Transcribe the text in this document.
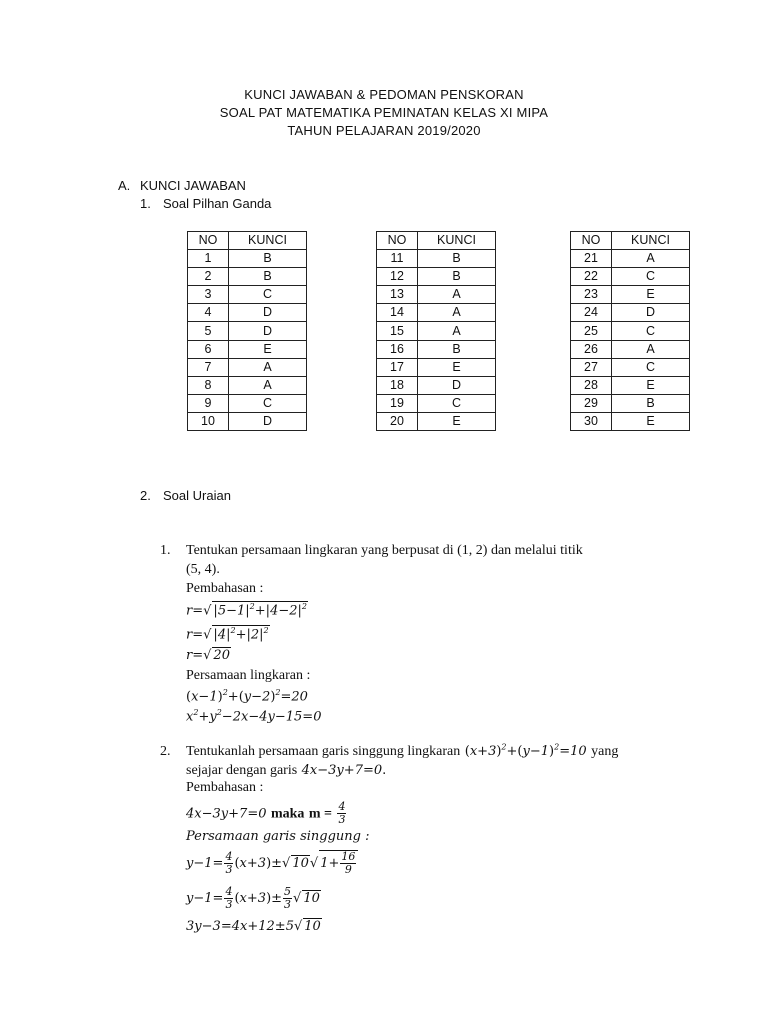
KUNCI JAWABAN & PEDOMAN PENSKORAN
SOAL PAT MATEMATIKA PEMINATAN KELAS XI MIPA
TAHUN PELAJARAN 2019/2020
A. KUNCI JAWABAN
1. Soal Pilhan Ganda
NO	KUNCI
1	B
2	B
3	C
4	D
5	D
6	E
7	A
8	A
9	C
10	D
NO	KUNCI
11	B
12	B
13	A
14	A
15	A
16	B
17	E
18	D
19	C
20	E
NO	KUNCI
21	A
22	C
23	E
24	D
25	C
26	A
27	C
28	E
29	B
30	E
2. Soal Uraian
1. Tentukan persamaan lingkaran yang berpusat di (1, 2) dan melalui titik
(5, 4).
Pembahasan :
r=√ $|5-1|^2+|4-2|^2$
r=√ $|4|^2+|2|^2$
r=√ 20
Persamaan lingkaran :
$(x-1)^2+(y-2)^2=20$
$x^2+y^2-2x-4y-15=0$
2. Tentukanlah persamaan garis singgung lingkaran $(x+3)^2+(y-1)^2=10$ yang
sejajar dengan garis 4x−3y+7=0.
Pembahasan :
4x−3y+7=0 maka $m = \frac{4}{3}$
Persamaan garis singgung :
$y-1= \frac{4}{3} (x+3)\pm√$ 10√ $1+ \frac{16}{9}$
$y-1= \frac{4}{3} (x+3)\pm \frac{5}{3}$ √ 10
3y−3=4x+12±5√ 10
